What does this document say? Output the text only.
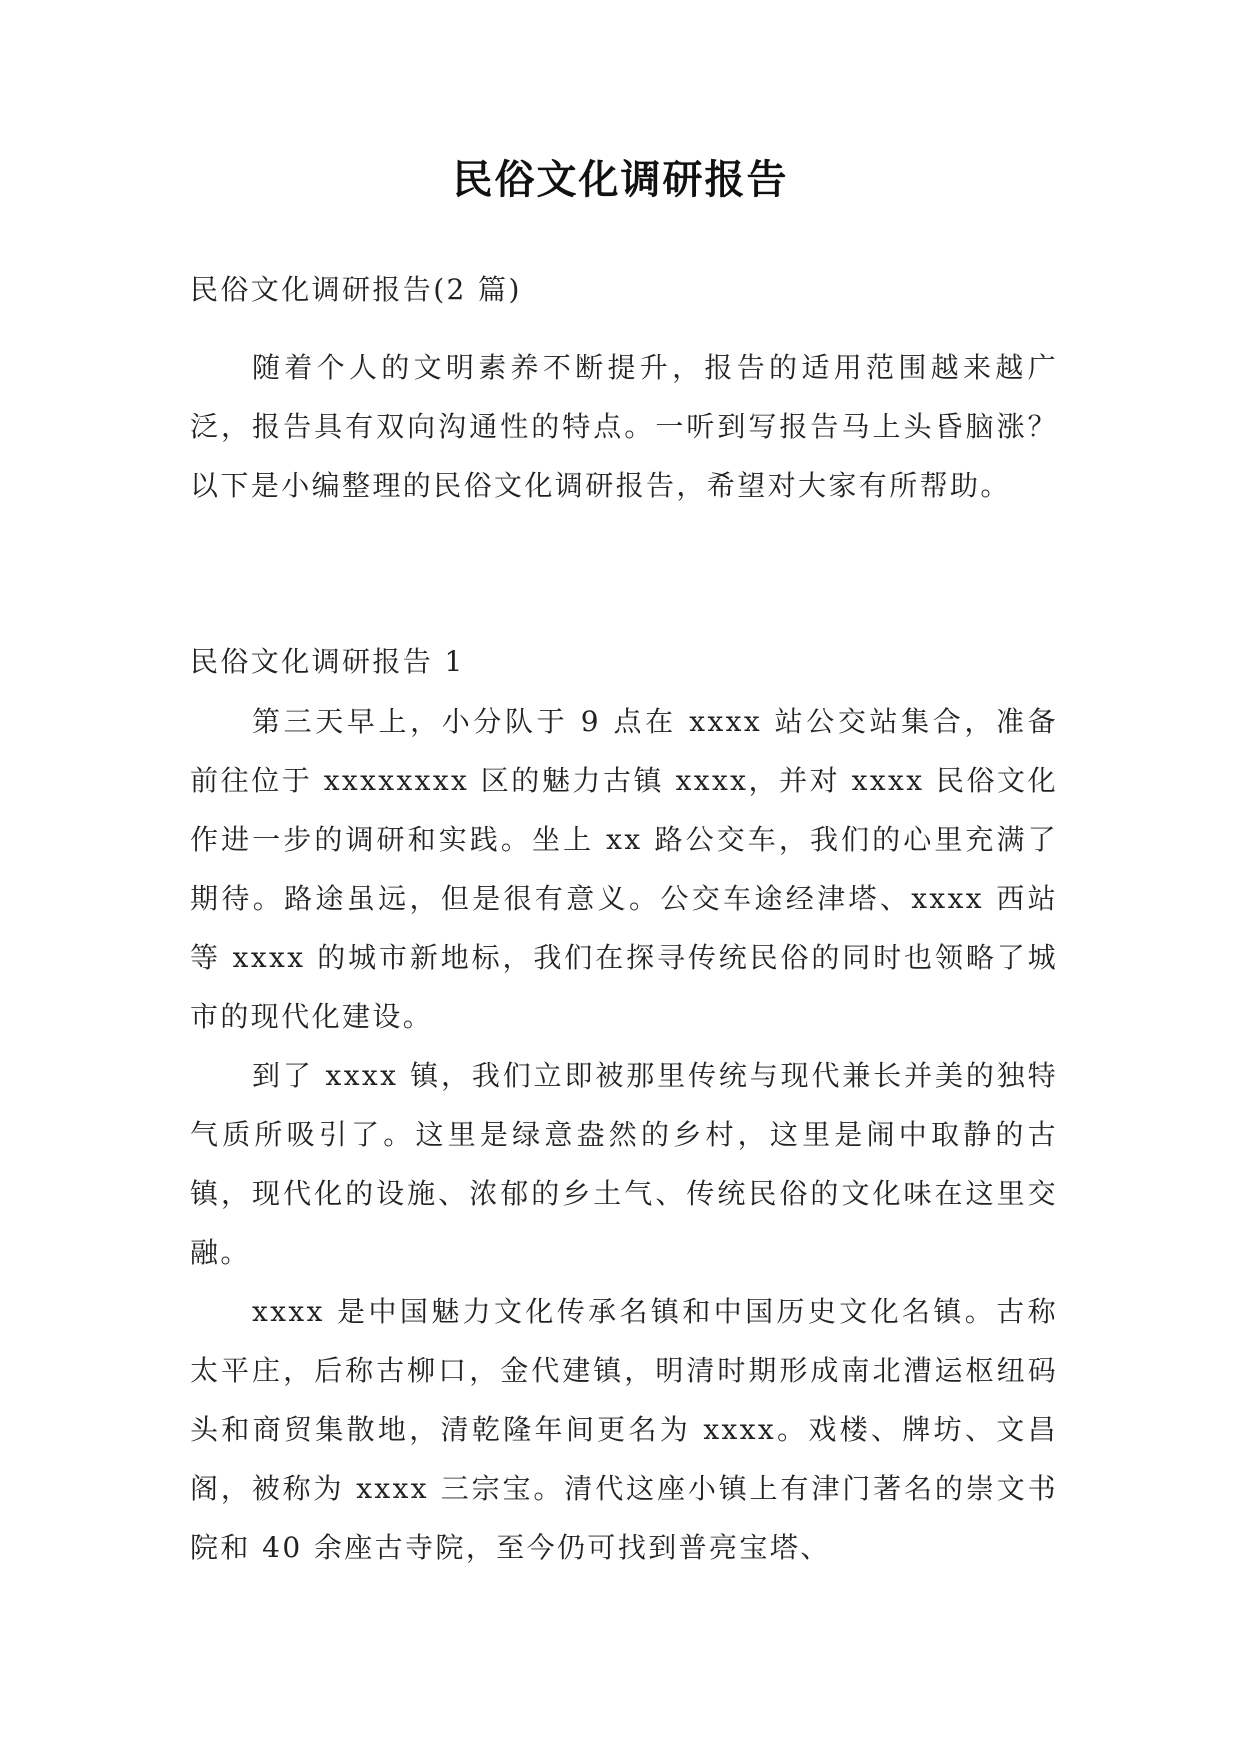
民俗文化调研报告
民俗文化调研报告(2 篇)

随着个人的文明素养不断提升，报告的适用范围越来越广泛，报告具有双向沟通性的特点。一听到写报告马上头昏脑涨？以下是小编整理的民俗文化调研报告，希望对大家有所帮助。

民俗文化调研报告 1

第三天早上，小分队于 9 点在 xxxx 站公交站集合，准备前往位于 xxxxxxxx 区的魅力古镇 xxxx，并对 xxxx 民俗文化作进一步的调研和实践。坐上 xx 路公交车，我们的心里充满了期待。路途虽远，但是很有意义。公交车途经津塔、xxxx 西站等 xxxx 的城市新地标，我们在探寻传统民俗的同时也领略了城市的现代化建设。

到了 xxxx 镇，我们立即被那里传统与现代兼长并美的独特气质所吸引了。这里是绿意盎然的乡村，这里是闹中取静的古镇，现代化的设施、浓郁的乡土气、传统民俗的文化味在这里交融。

xxxx 是中国魅力文化传承名镇和中国历史文化名镇。古称太平庄，后称古柳口，金代建镇，明清时期形成南北漕运枢纽码头和商贸集散地，清乾隆年间更名为 xxxx。戏楼、牌坊、文昌阁，被称为 xxxx 三宗宝。清代这座小镇上有津门著名的崇文书院和 40 余座古寺院，至今仍可找到普亮宝塔、
